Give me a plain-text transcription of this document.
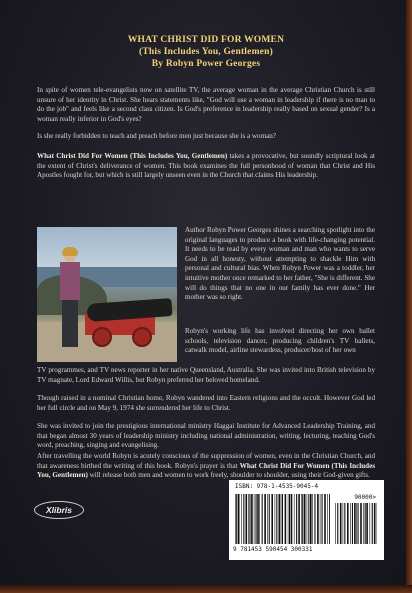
WHAT CHRIST DID FOR WOMEN
(This Includes You, Gentlemen)
By Robyn Power Georges
In spite of women tele-evangelists now on satellite TV, the average woman in the average Christian Church is still unsure of her identity in Christ. She hears statements like, "God will use a woman in leadership if there is no man to do the job" and feels like a second class citizen. Is God's preference in leadership really based on sexual gender? Is a woman really inferior in God's eyes?
Is she really forbidden to teach and preach before men just because she is a woman?
What Christ Did For Women (This Includes You, Gentlemen) takes a provocative, but soundly scriptural look at the extent of Christ's deliverance of women. This book examines the full personhood of woman that Christ and His Apostles fought for, but which is still largely unseen even in the Church that claims His leadership.
Author Robyn Power Georges shines a searching spotlight into the original languages to produce a book with life-changing potential. It needs to be read by every woman and man who wants to serve God in all honesty, without attempting to shackle Him with personal and cultural bias. When Robyn Power was a toddler, her intuitive mother once remarked to her father, "She is different. She will do things that no one in our family has ever done." Her mother was so right.
Robyn's working life has involved directing her own ballet schools, television dancer, producing children's TV ballets, catwalk model, airline stewardess, producer/host of her own
TV programmes, and TV news reporter in her native Queensland, Australia. She was invited into British television by TV magnate, Lord Edward Willis, but Robyn preferred her beloved homeland.
Though raised in a nominal Christian home, Robyn wandered into Eastern religions and the occult. However God led her full circle and on May 9, 1974 she surrendered her life to Christ.
She was invited to join the prestigious international ministry Haggai Institute for Advanced Leadership Training, and that began almost 30 years of leadership ministry including national administration, writing, lecturing, teaching God's word, preaching, singing and evangelising.
After travelling the world Robyn is acutely conscious of the suppression of women, even in the Christian Church, and that awareness birthed the writing of this book. Robyn's prayer is that What Christ Did For Women (This Includes You, Gentlemen) will release both men and women to work freely, shoulder to shoulder, using their God-given gifts.
Xlibris
ISBN: 978-1-4535-9045-4
90000>
9 781453 590454 300331
